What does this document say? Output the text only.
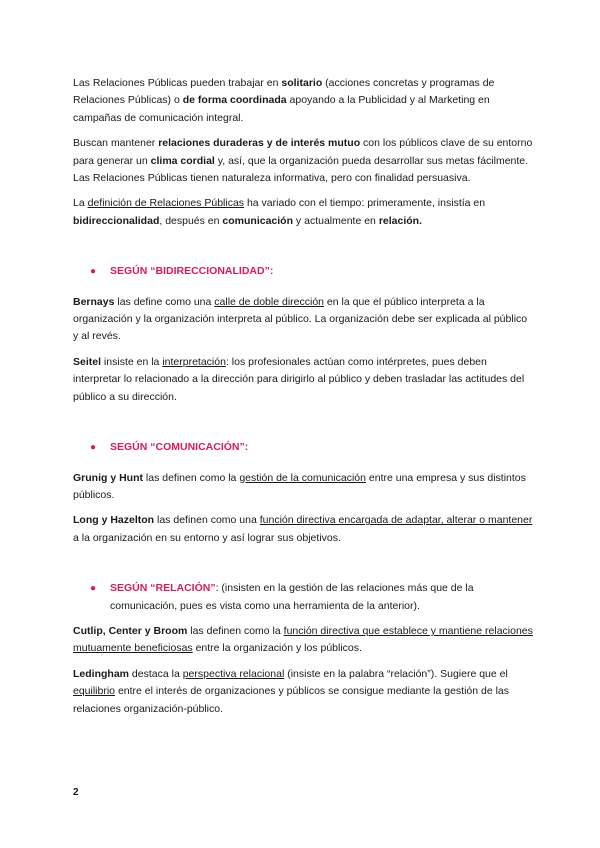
Las Relaciones Públicas pueden trabajar en solitario (acciones concretas y programas de Relaciones Públicas) o de forma coordinada apoyando a la Publicidad y al Marketing en campañas de comunicación integral.

Buscan mantener relaciones duraderas y de interés mutuo con los públicos clave de su entorno para generar un clima cordial y, así, que la organización pueda desarrollar sus metas fácilmente. Las Relaciones Públicas tienen naturaleza informativa, pero con finalidad persuasiva.

La definición de Relaciones Públicas ha variado con el tiempo: primeramente, insistía en bidireccionalidad, después en comunicación y actualmente en relación.

● SEGÚN “BIDIRECCIONALIDAD”:

Bernays las define como una calle de doble dirección en la que el público interpreta a la organización y la organización interpreta al público. La organización debe ser explicada al público y al revés.

Seitel insiste en la interpretación: los profesionales actúan como intérpretes, pues deben interpretar lo relacionado a la dirección para dirigirlo al público y deben trasladar las actitudes del público a su dirección.

● SEGÚN “COMUNICACIÓN”:

Grunig y Hunt las definen como la gestión de la comunicación entre una empresa y sus distintos públicos.

Long y Hazelton las definen como una función directiva encargada de adaptar, alterar o mantener a la organización en su entorno y así lograr sus objetivos.

● SEGÚN “RELACIÓN”: (insisten en la gestión de las relaciones más que de la comunicación, pues es vista como una herramienta de la anterior).

Cutlip, Center y Broom las definen como la función directiva que establece y mantiene relaciones mutuamente beneficiosas entre la organización y los públicos.

Ledingham destaca la perspectiva relacional (insiste en la palabra “relación”). Sugiere que el equilibrio entre el interés de organizaciones y públicos se consigue mediante la gestión de las relaciones organización-público.

2
